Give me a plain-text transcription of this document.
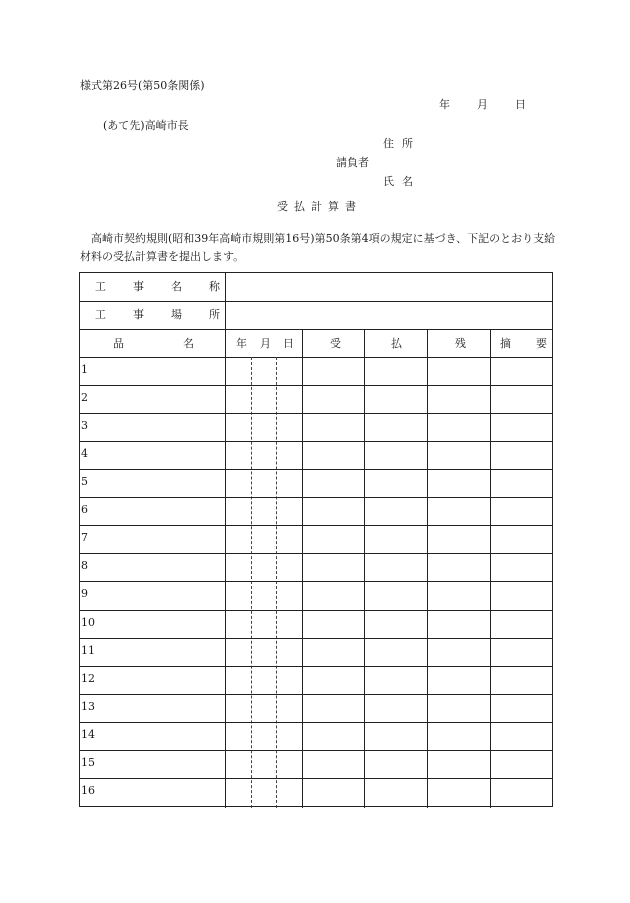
様式第26号(第50条関係)
年 月 日
(あて先)高崎市長
住所
請負者
氏名
受払計算書
高崎市契約規則(昭和39年高崎市規則第16号)第50条第4項の規定に基づき、下記のとおり支給材料の受払計算書を提出します。
工事名称
工事場所
品	名	年 月 日	受	払	残	摘 要
1
2
3
4
5
6
7
8
9
10
11
12
13
14
15
16
